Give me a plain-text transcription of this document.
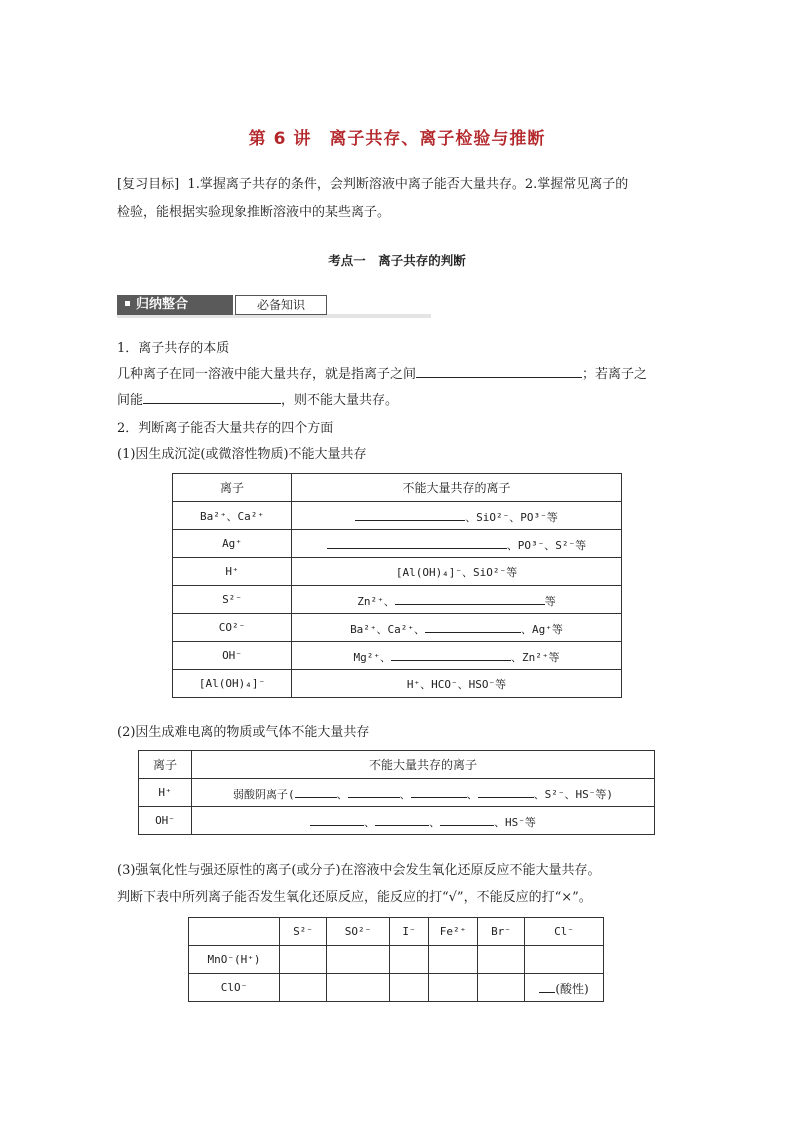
第 6 讲　离子共存、离子检验与推断
[复习目标] 1.掌握离子共存的条件，会判断溶液中离子能否大量共存。2.掌握常见离子的
检验，能根据实验现象推断溶液中的某些离子。
考点一　离子共存的判断
归纳整合	必备知识
1．离子共存的本质
几种离子在同一溶液中能大量共存，就是指离子之间	；若离子之
间能	，则不能大量共存。
2．判断离子能否大量共存的四个方面
(1)因生成沉淀(或微溶性物质)不能大量共存
离子	不能大量共存的离子
Ba²⁺、Ca²⁺	、SiO²⁻、PO³⁻等
Ag⁺	、PO³⁻、S²⁻等
H⁺	[Al(OH)₄]⁻、SiO²⁻等
S²⁻	Zn²⁺、 等
CO²⁻	Ba²⁺、Ca²⁺、 、Ag⁺等
OH⁻	Mg²⁺、 、Zn²⁺等
[Al(OH)₄]⁻	H⁺、HCO⁻、HSO⁻等
(2)因生成难电离的物质或气体不能大量共存
离子	不能大量共存的离子
H⁺	弱酸阴离子( 、 、 、 、S²⁻、HS⁻等)
OH⁻	、 、 、HS⁻等
(3)强氧化性与强还原性的离子(或分子)在溶液中会发生氧化还原反应不能大量共存。
判断下表中所列离子能否发生氧化还原反应，能反应的打“√”，不能反应的打“×”。
	S²⁻	SO²⁻	I⁻	Fe²⁺	Br⁻	Cl⁻
MnO⁻(H⁺)						
ClO⁻						(酸性)
